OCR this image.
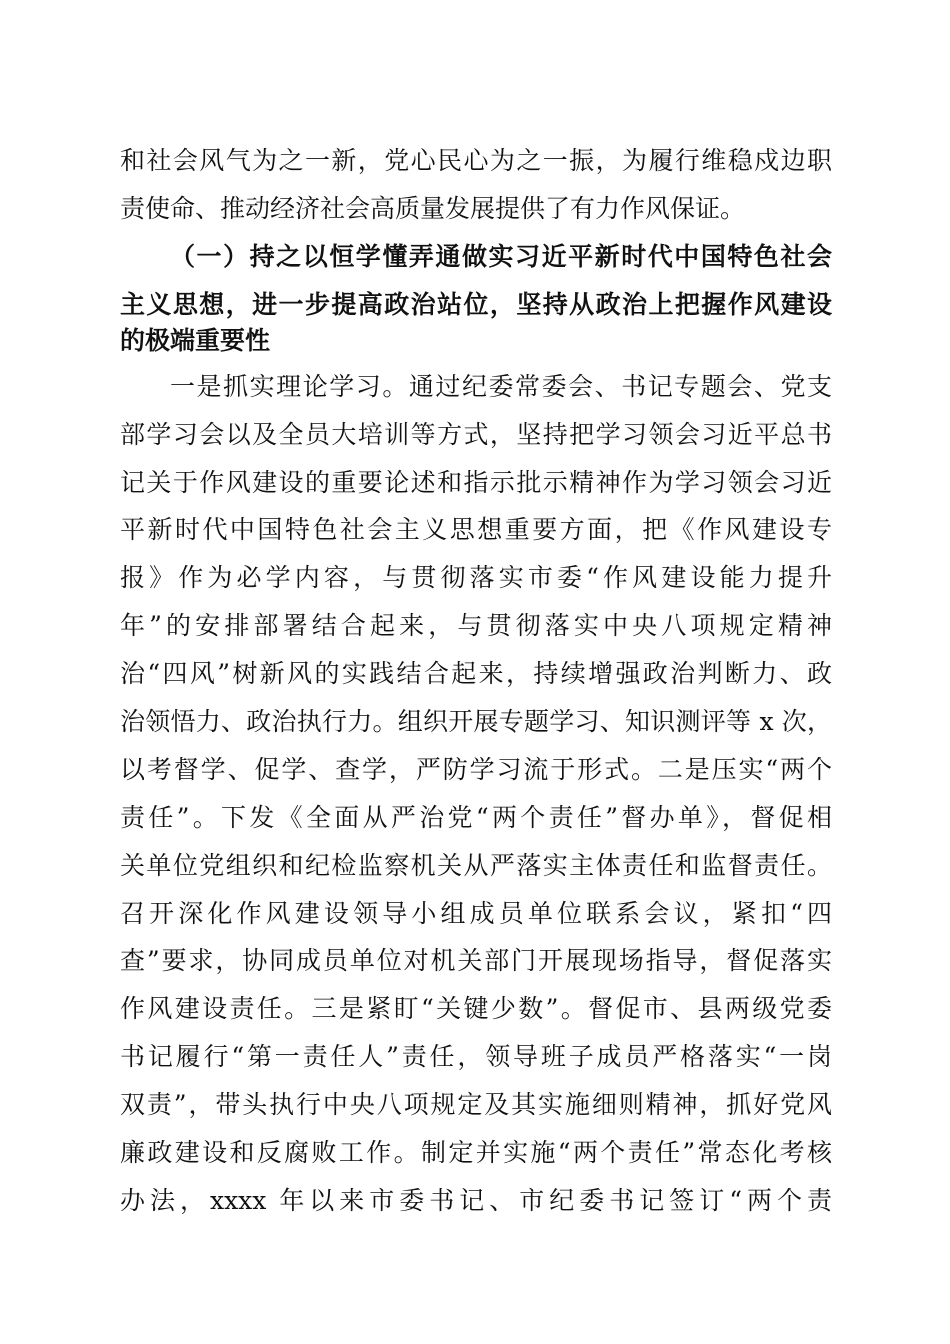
和社会风气为之一新，党心民心为之一振，为履行维稳戍边职
责使命、推动经济社会高质量发展提供了有力作风保证。
（一）持之以恒学懂弄通做实习近平新时代中国特色社会
主义思想，进一步提高政治站位，坚持从政治上把握作风建设
的极端重要性
一是抓实理论学习。通过纪委常委会、书记专题会、党支
部学习会以及全员大培训等方式，坚持把学习领会习近平总书
记关于作风建设的重要论述和指示批示精神作为学习领会习近
平新时代中国特色社会主义思想重要方面，把《作风建设专
报》作为必学内容，与贯彻落实市委“作风建设能力提升
年”的安排部署结合起来，与贯彻落实中央八项规定精神
治“四风”树新风的实践结合起来，持续增强政治判断力、政
治领悟力、政治执行力。组织开展专题学习、知识测评等 x 次，
以考督学、促学、查学，严防学习流于形式。二是压实“两个
责任”。下发《全面从严治党“两个责任”督办单》，督促相
关单位党组织和纪检监察机关从严落实主体责任和监督责任。
召开深化作风建设领导小组成员单位联系会议，紧扣“四
查”要求，协同成员单位对机关部门开展现场指导，督促落实
作风建设责任。三是紧盯“关键少数”。督促市、县两级党委
书记履行“第一责任人”责任，领导班子成员严格落实“一岗
双责”，带头执行中央八项规定及其实施细则精神，抓好党风
廉政建设和反腐败工作。制定并实施“两个责任”常态化考核
办法，xxxx 年以来市委书记、市纪委书记签订“两个责
